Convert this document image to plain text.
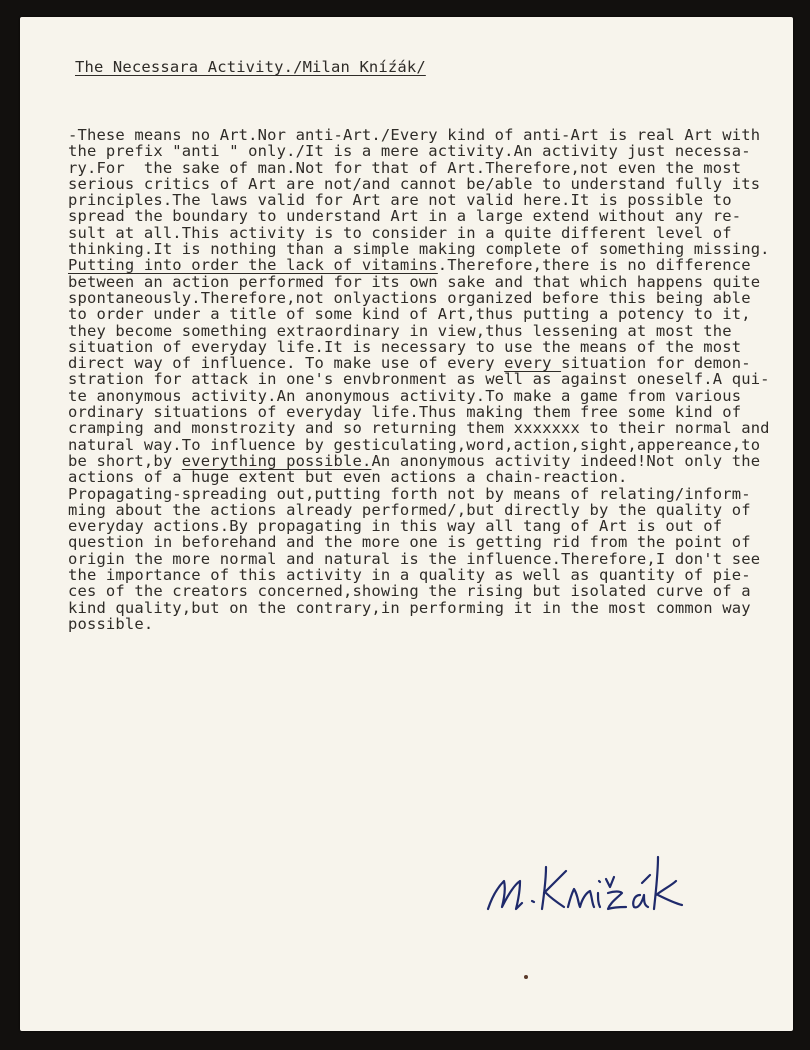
The Necessara Activity./Milan Kníźák/
-These means no Art.Nor anti-Art./Every kind of anti-Art is real Art with
the prefix "anti " only./It is a mere activity.An activity just necessa-
ry.For  the sake of man.Not for that of Art.Therefore,not even the most
serious critics of Art are not/and cannot be/able to understand fully its
principles.The laws valid for Art are not valid here.It is possible to
spread the boundary to understand Art in a large extend without any re-
sult at all.This activity is to consider in a quite different level of
thinking.It is nothing than a simple making complete of something missing.
Putting into order the lack of vitamins.Therefore,there is no difference
between an action performed for its own sake and that which happens quite
spontaneously.Therefore,not onlyactions organized before this being able
to order under a title of some kind of Art,thus putting a potency to it,
they become something extraordinary in view,thus lessening at most the
situation of everyday life.It is necessary to use the means of the most
direct way of influence. To make use of every every situation for demon-
stration for attack in one's envbronment as well as against oneself.A qui-
te anonymous activity.An anonymous activity.To make a game from various
ordinary situations of everyday life.Thus making them free some kind of
cramping and monstrozity and so returning them xxxxxxx to their normal and
natural way.To influence by gesticulating,word,action,sight,appereance,to
be short,by everything possible.An anonymous activity indeed!Not only the
actions of a huge extent but even actions a chain-reaction.
Propagating-spreading out,putting forth not by means of relating/inform-
ming about the actions already performed/,but directly by the quality of
everyday actions.By propagating in this way all tang of Art is out of
question in beforehand and the more one is getting rid from the point of
origin the more normal and natural is the influence.Therefore,I don't see
the importance of this activity in a quality as well as quantity of pie-
ces of the creators concerned,showing the rising but isolated curve of a
kind quality,but on the contrary,in performing it in the most common way
possible.
